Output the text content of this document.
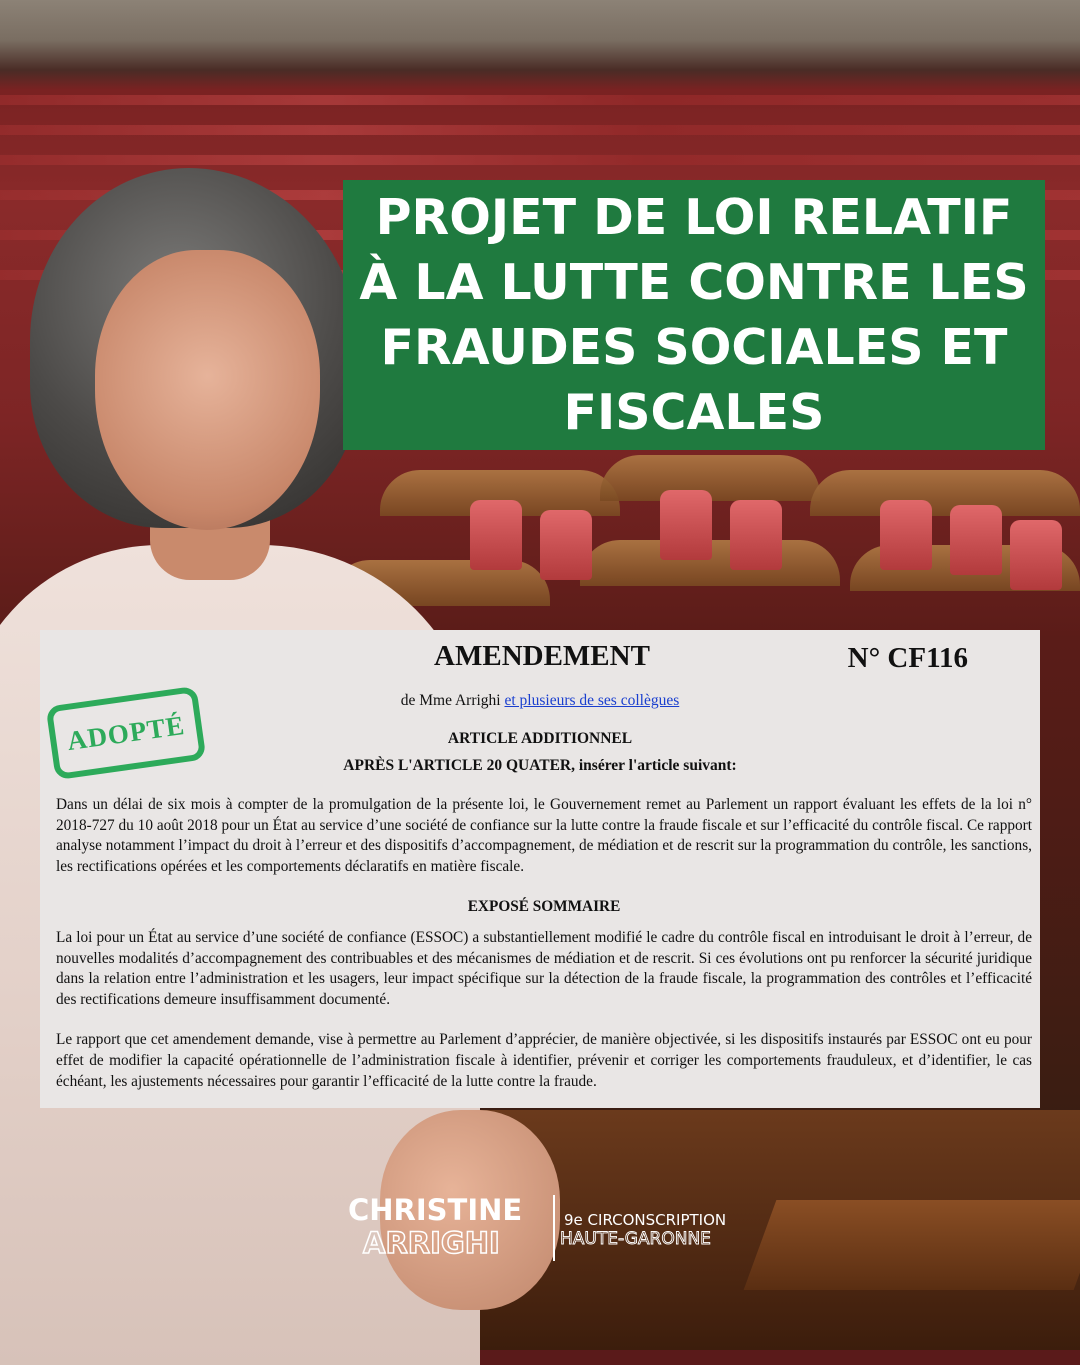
PROJET DE LOI RELATIF
À LA LUTTE CONTRE LES
FRAUDES SOCIALES ET
FISCALES
AMENDEMENT	N° CF116
de Mme Arrighi et plusieurs de ses collègues
ADOPTÉ	ARTICLE ADDITIONNEL
APRÈS L'ARTICLE 20 QUATER, insérer l'article suivant:

Dans un délai de six mois à compter de la promulgation de la présente loi, le Gouvernement remet au Parlement un rapport évaluant les effets de la loi n° 2018-727 du 10 août 2018 pour un État au service d’une société de confiance sur la lutte contre la fraude fiscale et sur l’efficacité du contrôle fiscal. Ce rapport analyse notamment l’impact du droit à l’erreur et des dispositifs d’accompagnement, de médiation et de rescrit sur la programmation du contrôle, les sanctions, les rectifications opérées et les comportements déclaratifs en matière fiscale.

EXPOSÉ SOMMAIRE

La loi pour un État au service d’une société de confiance (ESSOC) a substantiellement modifié le cadre du contrôle fiscal en introduisant le droit à l’erreur, de nouvelles modalités d’accompagnement des contribuables et des mécanismes de médiation et de rescrit. Si ces évolutions ont pu renforcer la sécurité juridique dans la relation entre l’administration et les usagers, leur impact spécifique sur la détection de la fraude fiscale, la programmation des contrôles et l’efficacité des rectifications demeure insuffisamment documenté.

Le rapport que cet amendement demande, vise à permettre au Parlement d’apprécier, de manière objectivée, si les dispositifs instaurés par ESSOC ont eu pour effet de modifier la capacité opérationnelle de l’administration fiscale à identifier, prévenir et corriger les comportements frauduleux, et d’identifier, le cas échéant, les ajustements nécessaires pour garantir l’efficacité de la lutte contre la fraude.

CHRISTINE
ARRIGHI
9e CIRCONSCRIPTION
HAUTE-GARONNE
